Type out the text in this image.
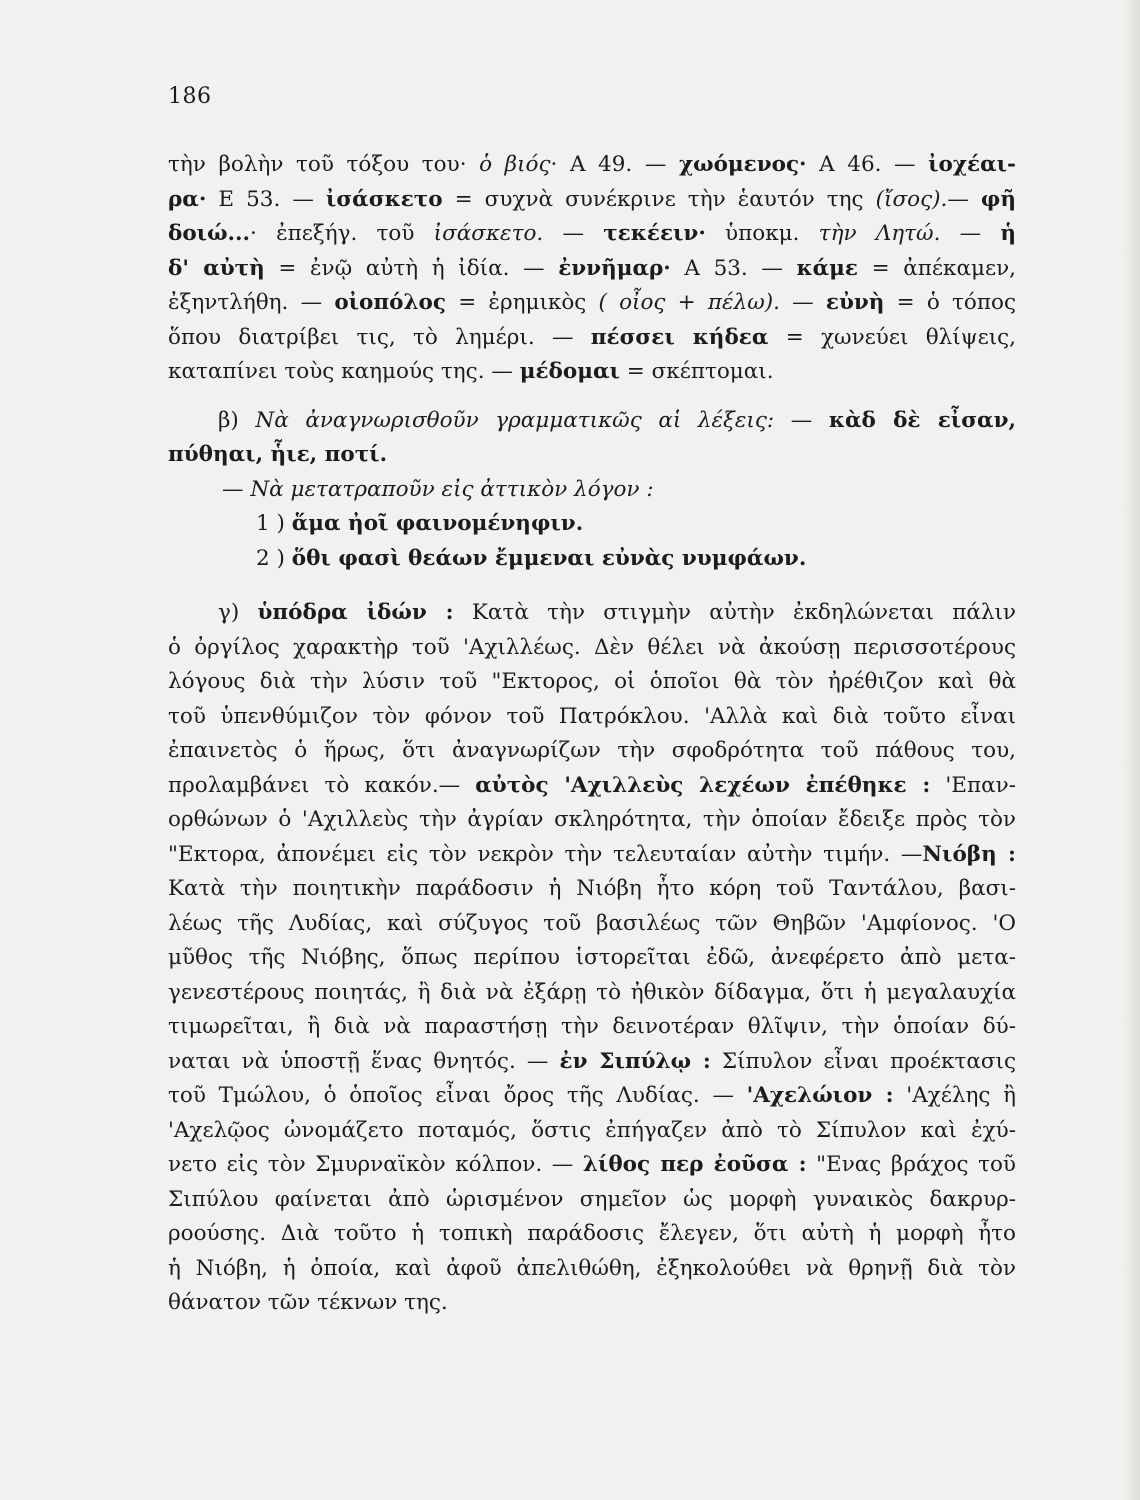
186
τὴν βολὴν τοῦ τόξου του· ὁ βιός· Α 49. — χωόμενος· Α 46. — ἰοχέαι-
ρα· Ε 53. — ἰσάσκετο = συχνὰ συνέκρινε τὴν ἑαυτόν της (ἴσος).— φῆ
δοιώ...· ἐπεξήγ. τοῦ ἰσάσκετο. — τεκέειν· ὑποκμ. τὴν Λητώ. — ἡ
δ' αὐτὴ = ἐνῷ αὐτὴ ἡ ἰδία. — ἐννῆμαρ· Α 53. — κάμε = ἀπέκαμεν,
ἐξηντλήθη. — οἰοπόλος = ἐρημικὸς ( οἶος + πέλω). — εὐνὴ = ὁ τόπος
ὅπου διατρίβει τις, τὸ λημέρι. — πέσσει κήδεα = χωνεύει θλίψεις,
καταπίνει τοὺς καημούς της. — μέδομαι = σκέπτομαι.
β) Νὰ ἀναγνωρισθοῦν γραμματικῶς αἱ λέξεις: — κὰδ δὲ εἶσαν,
πύθηαι, ἧιε, ποτί.
— Νὰ μετατραποῦν εἰς ἀττικὸν λόγον :
1 ) ἅμα ἠοῖ φαινομένηφιν.
2 ) ὅθι φασὶ θεάων ἔμμεναι εὐνὰς νυμφάων.
γ) ὑπόδρα ἰδών : Κατὰ τὴν στιγμὴν αὐτὴν ἐκδηλώνεται πάλιν
ὁ ὀργίλος χαρακτὴρ τοῦ 'Αχιλλέως. Δὲν θέλει νὰ ἀκούσῃ περισσοτέρους
λόγους διὰ τὴν λύσιν τοῦ "Εκτορος, οἱ ὁποῖοι θὰ τὸν ἠρέθιζον καὶ θὰ
τοῦ ὑπενθύμιζον τὸν φόνον τοῦ Πατρόκλου. 'Αλλὰ καὶ διὰ τοῦτο εἶναι
ἐπαινετὸς ὁ ἥρως, ὅτι ἀναγνωρίζων τὴν σφοδρότητα τοῦ πάθους του,
προλαμβάνει τὸ κακόν.— αὐτὸς 'Αχιλλεὺς λεχέων ἐπέθηκε : 'Επαν-
ορθώνων ὁ 'Αχιλλεὺς τὴν ἀγρίαν σκληρότητα, τὴν ὁποίαν ἔδειξε πρὸς τὸν
"Εκτορα, ἀπονέμει εἰς τὸν νεκρὸν τὴν τελευταίαν αὐτὴν τιμήν. —Νιόβη :
Κατὰ τὴν ποιητικὴν παράδοσιν ἡ Νιόβη ἦτο κόρη τοῦ Ταντάλου, βασι-
λέως τῆς Λυδίας, καὶ σύζυγος τοῦ βασιλέως τῶν Θηβῶν 'Αμφίονος. 'Ο
μῦθος τῆς Νιόβης, ὅπως περίπου ἱστορεῖται ἐδῶ, ἀνεφέρετο ἀπὸ μετα-
γενεστέρους ποιητάς, ἢ διὰ νὰ ἐξάρῃ τὸ ἠθικὸν δίδαγμα, ὅτι ἡ μεγαλαυχία
τιμωρεῖται, ἢ διὰ νὰ παραστήσῃ τὴν δεινοτέραν θλῖψιν, τὴν ὁποίαν δύ-
ναται νὰ ὑποστῇ ἕνας θνητός. — ἐν Σιπύλῳ : Σίπυλον εἶναι προέκτασις
τοῦ Τμώλου, ὁ ὁποῖος εἶναι ὄρος τῆς Λυδίας. — 'Αχελώιον : 'Αχέλης ἢ
'Αχελῷος ὠνομάζετο ποταμός, ὅστις ἐπήγαζεν ἀπὸ τὸ Σίπυλον καὶ ἐχύ-
νετο εἰς τὸν Σμυρναϊκὸν κόλπον. — λίθος περ ἐοῦσα : "Ενας βράχος τοῦ
Σιπύλου φαίνεται ἀπὸ ὡρισμένον σημεῖον ὡς μορφὴ γυναικὸς δακρυρ-
ροούσης. Διὰ τοῦτο ἡ τοπικὴ παράδοσις ἔλεγεν, ὅτι αὐτὴ ἡ μορφὴ ἦτο
ἡ Νιόβη, ἡ ὁποία, καὶ ἀφοῦ ἀπελιθώθη, ἐξηκολούθει νὰ θρηνῇ διὰ τὸν
θάνατον τῶν τέκνων της.
